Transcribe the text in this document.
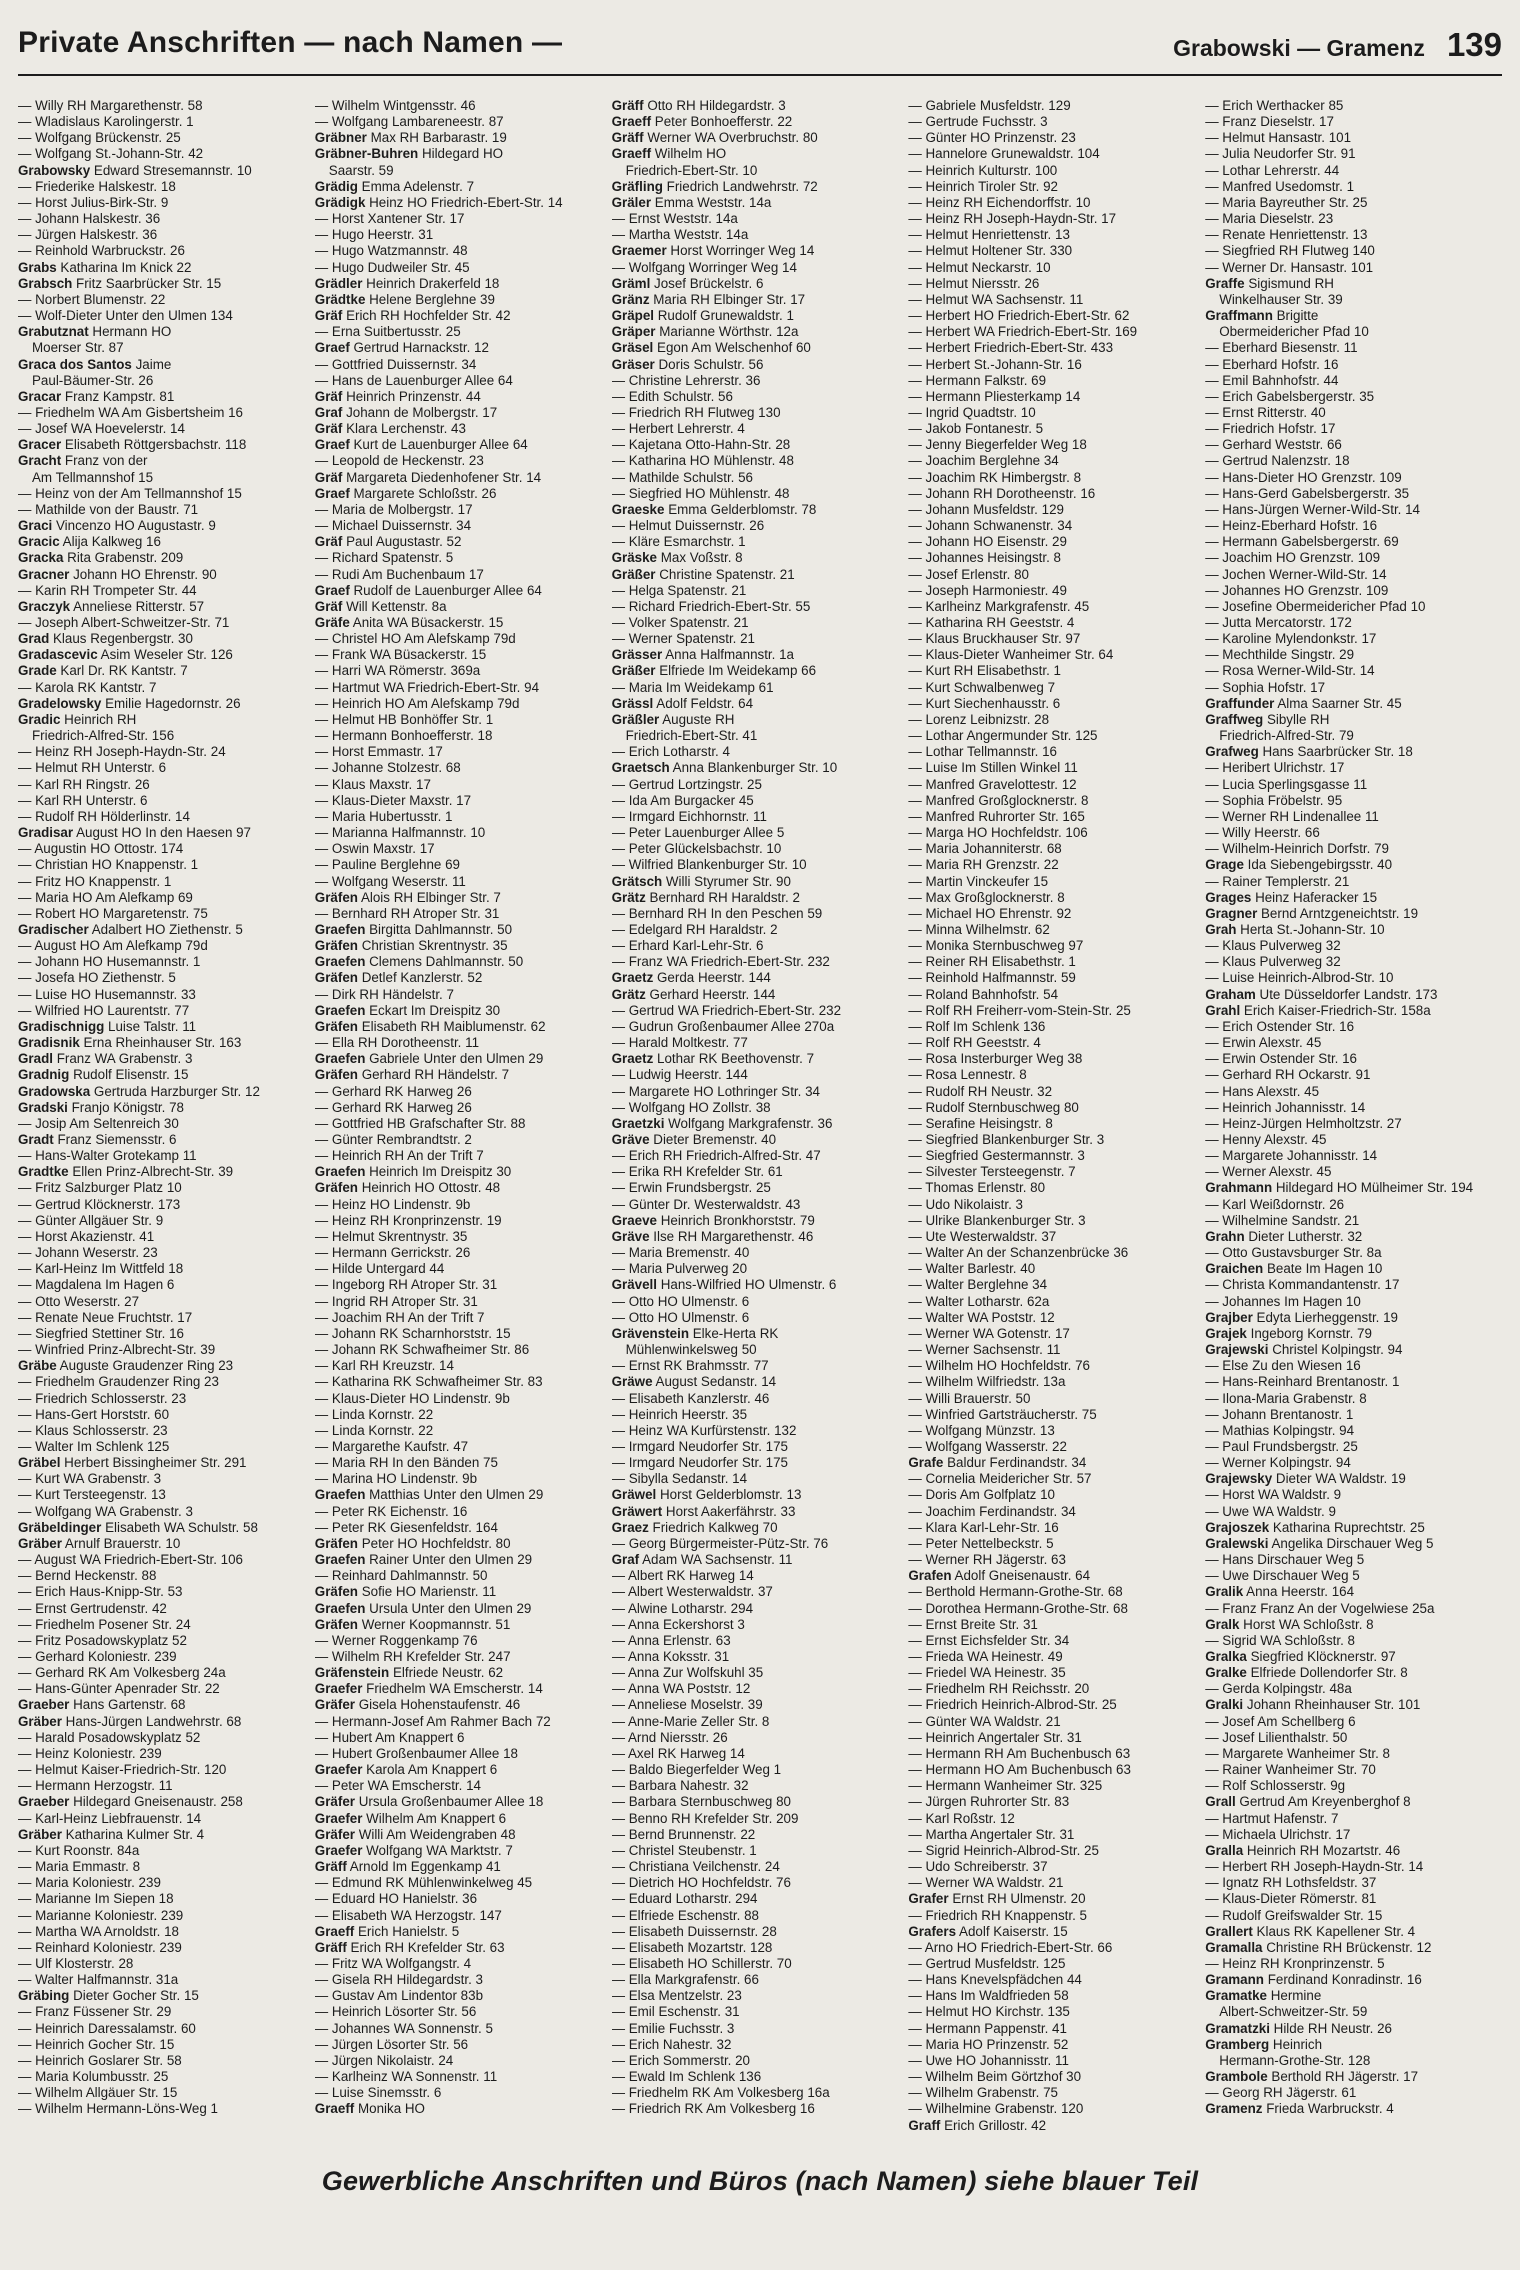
Private Anschriften — nach Namen —	Grabowski — Gramenz 139
— Willy RH Margarethenstr. 58
— Wladislaus Karolingerstr. 1
— Wolfgang Brückenstr. 25
— Wolfgang St.-Johann-Str. 42
Grabowsky Edward Stresemannstr. 10
— Friederike Halskestr. 18
— Horst Julius-Birk-Str. 9
— Johann Halskestr. 36
— Jürgen Halskestr. 36
— Reinhold Warbruckstr. 26
Grabs Katharina Im Knick 22
Grabsch Fritz Saarbrücker Str. 15
— Norbert Blumenstr. 22
— Wolf-Dieter Unter den Ulmen 134
Grabutznat Hermann HO
Moerser Str. 87
Graca dos Santos Jaime
Paul-Bäumer-Str. 26
Gracar Franz Kampstr. 81
— Friedhelm WA Am Gisbertsheim 16
— Josef WA Hoevelerstr. 14
Gracer Elisabeth Röttgersbachstr. 118
Gracht Franz von der
Am Tellmannshof 15
— Heinz von der Am Tellmannshof 15
— Mathilde von der Baustr. 71
Graci Vincenzo HO Augustastr. 9
Gracic Alija Kalkweg 16
Gracka Rita Grabenstr. 209
Gracner Johann HO Ehrenstr. 90
— Karin RH Trompeter Str. 44
Graczyk Anneliese Ritterstr. 57
— Joseph Albert-Schweitzer-Str. 71
Grad Klaus Regenbergstr. 30
Gradascevic Asim Weseler Str. 126
Grade Karl Dr. RK Kantstr. 7
— Karola RK Kantstr. 7
Gradelowsky Emilie Hagedornstr. 26
Gradic Heinrich RH
Friedrich-Alfred-Str. 156
— Heinz RH Joseph-Haydn-Str. 24
— Helmut RH Unterstr. 6
— Karl RH Ringstr. 26
— Karl RH Unterstr. 6
— Rudolf RH Hölderlinstr. 14
Gradisar August HO In den Haesen 97
— Augustin HO Ottostr. 174
— Christian HO Knappenstr. 1
— Fritz HO Knappenstr. 1
— Maria HO Am Alefkamp 69
— Robert HO Margaretenstr. 75
Gradischer Adalbert HO Ziethenstr. 5
— August HO Am Alefkamp 79d
— Johann HO Husemannstr. 1
— Josefa HO Ziethenstr. 5
— Luise HO Husemannstr. 33
— Wilfried HO Laurentstr. 77
Gradischnigg Luise Talstr. 11
Gradisnik Erna Rheinhauser Str. 163
Gradl Franz WA Grabenstr. 3
Gradnig Rudolf Elisenstr. 15
Gradowska Gertruda Harzburger Str. 12
Gradski Franjo Königstr. 78
— Josip Am Seltenreich 30
Gradt Franz Siemensstr. 6
— Hans-Walter Grotekamp 11
Gradtke Ellen Prinz-Albrecht-Str. 39
— Fritz Salzburger Platz 10
— Gertrud Klöcknerstr. 173
— Günter Allgäuer Str. 9
— Horst Akazienstr. 41
— Johann Weserstr. 23
— Karl-Heinz Im Wittfeld 18
— Magdalena Im Hagen 6
— Otto Weserstr. 27
— Renate Neue Fruchtstr. 17
— Siegfried Stettiner Str. 16
— Winfried Prinz-Albrecht-Str. 39
Gräbe Auguste Graudenzer Ring 23
— Friedhelm Graudenzer Ring 23
— Friedrich Schlosserstr. 23
— Hans-Gert Horststr. 60
— Klaus Schlosserstr. 23
— Walter Im Schlenk 125
Gräbel Herbert Bissingheimer Str. 291
— Kurt WA Grabenstr. 3
— Kurt Tersteegenstr. 13
— Wolfgang WA Grabenstr. 3
Gräbeldinger Elisabeth WA Schulstr. 58
Gräber Arnulf Brauerstr. 10
— August WA Friedrich-Ebert-Str. 106
— Bernd Heckenstr. 88
— Erich Haus-Knipp-Str. 53
— Ernst Gertrudenstr. 42
— Friedhelm Posener Str. 24
— Fritz Posadowskyplatz 52
— Gerhard Koloniestr. 239
— Gerhard RK Am Volkesberg 24a
— Hans-Günter Apenrader Str. 22
Graeber Hans Gartenstr. 68
Gräber Hans-Jürgen Landwehrstr. 68
— Harald Posadowskyplatz 52
— Heinz Koloniestr. 239
— Helmut Kaiser-Friedrich-Str. 120
— Hermann Herzogstr. 11
Graeber Hildegard Gneisenaustr. 258
— Karl-Heinz Liebfrauenstr. 14
Gräber Katharina Kulmer Str. 4
— Kurt Roonstr. 84a
— Maria Emmastr. 8
— Maria Koloniestr. 239
— Marianne Im Siepen 18
— Marianne Koloniestr. 239
— Martha WA Arnoldstr. 18
— Reinhard Koloniestr. 239
— Ulf Klosterstr. 28
— Walter Halfmannstr. 31a
Gräbing Dieter Gocher Str. 15
— Franz Füssener Str. 29
— Heinrich Daressalamstr. 60
— Heinrich Gocher Str. 15
— Heinrich Goslarer Str. 58
— Maria Kolumbusstr. 25
— Wilhelm Allgäuer Str. 15
— Wilhelm Hermann-Löns-Weg 1
— Wilhelm Wintgensstr. 46
— Wolfgang Lambareneestr. 87
Gräbner Max RH Barbarastr. 19
Gräbner-Buhren Hildegard HO
Saarstr. 59
Grädig Emma Adelenstr. 7
Grädigk Heinz HO Friedrich-Ebert-Str. 14
— Horst Xantener Str. 17
— Hugo Heerstr. 31
— Hugo Watzmannstr. 48
— Hugo Dudweiler Str. 45
Grädler Heinrich Drakerfeld 18
Grädtke Helene Berglehne 39
Gräf Erich RH Hochfelder Str. 42
— Erna Suitbertusstr. 25
Graef Gertrud Harnackstr. 12
— Gottfried Duissernstr. 34
— Hans de Lauenburger Allee 64
Gräf Heinrich Prinzenstr. 44
Graf Johann de Molbergstr. 17
Gräf Klara Lerchenstr. 43
Graef Kurt de Lauenburger Allee 64
— Leopold de Heckenstr. 23
Gräf Margareta Diedenhofener Str. 14
Graef Margarete Schloßstr. 26
— Maria de Molbergstr. 17
— Michael Duissernstr. 34
Gräf Paul Augustastr. 52
— Richard Spatenstr. 5
— Rudi Am Buchenbaum 17
Graef Rudolf de Lauenburger Allee 64
Gräf Will Kettenstr. 8a
Gräfe Anita WA Büsackerstr. 15
— Christel HO Am Alefskamp 79d
— Frank WA Büsackerstr. 15
— Harri WA Römerstr. 369a
— Hartmut WA Friedrich-Ebert-Str. 94
— Heinrich HO Am Alefskamp 79d
— Helmut HB Bonhöffer Str. 1
— Hermann Bonhoefferstr. 18
— Horst Emmastr. 17
— Johanne Stolzestr. 68
— Klaus Maxstr. 17
— Klaus-Dieter Maxstr. 17
— Maria Hubertusstr. 1
— Marianna Halfmannstr. 10
— Oswin Maxstr. 17
— Pauline Berglehne 69
— Wolfgang Weserstr. 11
Gräfen Alois RH Elbinger Str. 7
— Bernhard RH Atroper Str. 31
Graefen Birgitta Dahlmannstr. 50
Gräfen Christian Skrentnystr. 35
Graefen Clemens Dahlmannstr. 50
Gräfen Detlef Kanzlerstr. 52
— Dirk RH Händelstr. 7
Graefen Eckart Im Dreispitz 30
Gräfen Elisabeth RH Maiblumenstr. 62
— Ella RH Dorotheenstr. 11
Graefen Gabriele Unter den Ulmen 29
Gräfen Gerhard RH Händelstr. 7
— Gerhard RK Harweg 26
— Gerhard RK Harweg 26
— Gottfried HB Grafschafter Str. 88
— Günter Rembrandtstr. 2
— Heinrich RH An der Trift 7
Graefen Heinrich Im Dreispitz 30
Gräfen Heinrich HO Ottostr. 48
— Heinz HO Lindenstr. 9b
— Heinz RH Kronprinzenstr. 19
— Helmut Skrentnystr. 35
— Hermann Gerrickstr. 26
— Hilde Untergard 44
— Ingeborg RH Atroper Str. 31
— Ingrid RH Atroper Str. 31
— Joachim RH An der Trift 7
— Johann RK Scharnhorststr. 15
— Johann RK Schwafheimer Str. 86
— Karl RH Kreuzstr. 14
— Katharina RK Schwafheimer Str. 83
— Klaus-Dieter HO Lindenstr. 9b
— Linda Kornstr. 22
— Linda Kornstr. 22
— Margarethe Kaufstr. 47
— Maria RH In den Bänden 75
— Marina HO Lindenstr. 9b
Graefen Matthias Unter den Ulmen 29
— Peter RK Eichenstr. 16
— Peter RK Giesenfeldstr. 164
Gräfen Peter HO Hochfeldstr. 80
Graefen Rainer Unter den Ulmen 29
— Reinhard Dahlmannstr. 50
Gräfen Sofie HO Marienstr. 11
Graefen Ursula Unter den Ulmen 29
Gräfen Werner Koopmannstr. 51
— Werner Roggenkamp 76
— Wilhelm RH Krefelder Str. 247
Gräfenstein Elfriede Neustr. 62
Graefer Friedhelm WA Emscherstr. 14
Gräfer Gisela Hohenstaufenstr. 46
— Hermann-Josef Am Rahmer Bach 72
— Hubert Am Knappert 6
— Hubert Großenbaumer Allee 18
Graefer Karola Am Knappert 6
— Peter WA Emscherstr. 14
Gräfer Ursula Großenbaumer Allee 18
Graefer Wilhelm Am Knappert 6
Gräfer Willi Am Weidengraben 48
Graefer Wolfgang WA Marktstr. 7
Gräff Arnold Im Eggenkamp 41
— Edmund RK Mühlenwinkelweg 45
— Eduard HO Hanielstr. 36
— Elisabeth WA Herzogstr. 147
Graeff Erich Hanielstr. 5
Gräff Erich RH Krefelder Str. 63
— Fritz WA Wolfgangstr. 4
— Gisela RH Hildegardstr. 3
— Gustav Am Lindentor 83b
— Heinrich Lösorter Str. 56
— Johannes WA Sonnenstr. 5
— Jürgen Lösorter Str. 56
— Jürgen Nikolaistr. 24
— Karlheinz WA Sonnenstr. 11
— Luise Sinemsstr. 6
Graeff Monika HO
Gräff Otto RH Hildegardstr. 3
Graeff Peter Bonhoefferstr. 22
Gräff Werner WA Overbruchstr. 80
Graeff Wilhelm HO
Friedrich-Ebert-Str. 10
Gräfling Friedrich Landwehrstr. 72
Gräler Emma Weststr. 14a
— Ernst Weststr. 14a
— Martha Weststr. 14a
Graemer Horst Worringer Weg 14
— Wolfgang Worringer Weg 14
Gräml Josef Brückelstr. 6
Gränz Maria RH Elbinger Str. 17
Gräpel Rudolf Grunewaldstr. 1
Gräper Marianne Wörthstr. 12a
Gräsel Egon Am Welschenhof 60
Gräser Doris Schulstr. 56
— Christine Lehrerstr. 36
— Edith Schulstr. 56
— Friedrich RH Flutweg 130
— Herbert Lehrerstr. 4
— Kajetana Otto-Hahn-Str. 28
— Katharina HO Mühlenstr. 48
— Mathilde Schulstr. 56
— Siegfried HO Mühlenstr. 48
Graeske Emma Gelderblomstr. 78
— Helmut Duissernstr. 26
— Kläre Esmarchstr. 1
Gräske Max Voßstr. 8
Gräßer Christine Spatenstr. 21
— Helga Spatenstr. 21
— Richard Friedrich-Ebert-Str. 55
— Volker Spatenstr. 21
— Werner Spatenstr. 21
Grässer Anna Halfmannstr. 1a
Gräßer Elfriede Im Weidekamp 66
— Maria Im Weidekamp 61
Grässl Adolf Feldstr. 64
Gräßler Auguste RH
Friedrich-Ebert-Str. 41
— Erich Lotharstr. 4
Graetsch Anna Blankenburger Str. 10
— Gertrud Lortzingstr. 25
— Ida Am Burgacker 45
— Irmgard Eichhornstr. 11
— Peter Lauenburger Allee 5
— Peter Glückelsbachstr. 10
— Wilfried Blankenburger Str. 10
Grätsch Willi Styrumer Str. 90
Grätz Bernhard RH Haraldstr. 2
— Bernhard RH In den Peschen 59
— Edelgard RH Haraldstr. 2
— Erhard Karl-Lehr-Str. 6
— Franz WA Friedrich-Ebert-Str. 232
Graetz Gerda Heerstr. 144
Grätz Gerhard Heerstr. 144
— Gertrud WA Friedrich-Ebert-Str. 232
— Gudrun Großenbaumer Allee 270a
— Harald Moltkestr. 77
Graetz Lothar RK Beethovenstr. 7
— Ludwig Heerstr. 144
— Margarete HO Lothringer Str. 34
— Wolfgang HO Zollstr. 38
Graetzki Wolfgang Markgrafenstr. 36
Gräve Dieter Bremenstr. 40
— Erich RH Friedrich-Alfred-Str. 47
— Erika RH Krefelder Str. 61
— Erwin Frundsbergstr. 25
— Günter Dr. Westerwaldstr. 43
Graeve Heinrich Bronkhorststr. 79
Gräve Ilse RH Margarethenstr. 46
— Maria Bremenstr. 40
— Maria Pulverweg 20
Grävell Hans-Wilfried HO Ulmenstr. 6
— Otto HO Ulmenstr. 6
— Otto HO Ulmenstr. 6
Grävenstein Elke-Herta RK
Mühlenwinkelsweg 50
— Ernst RK Brahmsstr. 77
Gräwe August Sedanstr. 14
— Elisabeth Kanzlerstr. 46
— Heinrich Heerstr. 35
— Heinz WA Kurfürstenstr. 132
— Irmgard Neudorfer Str. 175
— Irmgard Neudorfer Str. 175
— Sibylla Sedanstr. 14
Gräwel Horst Gelderblomstr. 13
Gräwert Horst Aakerfährstr. 33
Graez Friedrich Kalkweg 70
— Georg Bürgermeister-Pütz-Str. 76
Graf Adam WA Sachsenstr. 11
— Albert RK Harweg 14
— Albert Westerwaldstr. 37
— Alwine Lotharstr. 294
— Anna Eckershorst 3
— Anna Erlenstr. 63
— Anna Koksstr. 31
— Anna Zur Wolfskuhl 35
— Anna WA Poststr. 12
— Anneliese Moselstr. 39
— Anne-Marie Zeller Str. 8
— Arnd Niersstr. 26
— Axel RK Harweg 14
— Baldo Biegerfelder Weg 1
— Barbara Nahestr. 32
— Barbara Sternbuschweg 80
— Benno RH Krefelder Str. 209
— Bernd Brunnenstr. 22
— Christel Steubenstr. 1
— Christiana Veilchenstr. 24
— Dietrich HO Hochfeldstr. 76
— Eduard Lotharstr. 294
— Elfriede Eschenstr. 88
— Elisabeth Duissernstr. 28
— Elisabeth Mozartstr. 128
— Elisabeth HO Schillerstr. 70
— Ella Markgrafenstr. 66
— Elsa Mentzelstr. 23
— Emil Eschenstr. 31
— Emilie Fuchsstr. 3
— Erich Nahestr. 32
— Erich Sommerstr. 20
— Ewald Im Schlenk 136
— Friedhelm RK Am Volkesberg 16a
— Friedrich RK Am Volkesberg 16
— Gabriele Musfeldstr. 129
— Gertrude Fuchsstr. 3
— Günter HO Prinzenstr. 23
— Hannelore Grunewaldstr. 104
— Heinrich Kulturstr. 100
— Heinrich Tiroler Str. 92
— Heinz RH Eichendorffstr. 10
— Heinz RH Joseph-Haydn-Str. 17
— Helmut Henriettenstr. 13
— Helmut Holtener Str. 330
— Helmut Neckarstr. 10
— Helmut Niersstr. 26
— Helmut WA Sachsenstr. 11
— Herbert HO Friedrich-Ebert-Str. 62
— Herbert WA Friedrich-Ebert-Str. 169
— Herbert Friedrich-Ebert-Str. 433
— Herbert St.-Johann-Str. 16
— Hermann Falkstr. 69
— Hermann Pliesterkamp 14
— Ingrid Quadtstr. 10
— Jakob Fontanestr. 5
— Jenny Biegerfelder Weg 18
— Joachim Berglehne 34
— Joachim RK Himbergstr. 8
— Johann RH Dorotheenstr. 16
— Johann Musfeldstr. 129
— Johann Schwanenstr. 34
— Johann HO Eisenstr. 29
— Johannes Heisingstr. 8
— Josef Erlenstr. 80
— Joseph Harmoniestr. 49
— Karlheinz Markgrafenstr. 45
— Katharina RH Geeststr. 4
— Klaus Bruckhauser Str. 97
— Klaus-Dieter Wanheimer Str. 64
— Kurt RH Elisabethstr. 1
— Kurt Schwalbenweg 7
— Kurt Siechenhausstr. 6
— Lorenz Leibnizstr. 28
— Lothar Angermunder Str. 125
— Lothar Tellmannstr. 16
— Luise Im Stillen Winkel 11
— Manfred Gravelottestr. 12
— Manfred Großglocknerstr. 8
— Manfred Ruhrorter Str. 165
— Marga HO Hochfeldstr. 106
— Maria Johanniterstr. 68
— Maria RH Grenzstr. 22
— Martin Vinckeufer 15
— Max Großglocknerstr. 8
— Michael HO Ehrenstr. 92
— Minna Wilhelmstr. 62
— Monika Sternbuschweg 97
— Reiner RH Elisabethstr. 1
— Reinhold Halfmannstr. 59
— Roland Bahnhofstr. 54
— Rolf RH Freiherr-vom-Stein-Str. 25
— Rolf Im Schlenk 136
— Rolf RH Geeststr. 4
— Rosa Insterburger Weg 38
— Rosa Lennestr. 8
— Rudolf RH Neustr. 32
— Rudolf Sternbuschweg 80
— Serafine Heisingstr. 8
— Siegfried Blankenburger Str. 3
— Siegfried Gestermannstr. 3
— Silvester Tersteegenstr. 7
— Thomas Erlenstr. 80
— Udo Nikolaistr. 3
— Ulrike Blankenburger Str. 3
— Ute Westerwaldstr. 37
— Walter An der Schanzenbrücke 36
— Walter Barlestr. 40
— Walter Berglehne 34
— Walter Lotharstr. 62a
— Walter WA Poststr. 12
— Werner WA Gotenstr. 17
— Werner Sachsenstr. 11
— Wilhelm HO Hochfeldstr. 76
— Wilhelm Wilfriedstr. 13a
— Willi Brauerstr. 50
— Winfried Gartsträucherstr. 75
— Wolfgang Münzstr. 13
— Wolfgang Wasserstr. 22
Grafe Baldur Ferdinandstr. 34
— Cornelia Meidericher Str. 57
— Doris Am Golfplatz 10
— Joachim Ferdinandstr. 34
— Klara Karl-Lehr-Str. 16
— Peter Nettelbeckstr. 5
— Werner RH Jägerstr. 63
Grafen Adolf Gneisenaustr. 64
— Berthold Hermann-Grothe-Str. 68
— Dorothea Hermann-Grothe-Str. 68
— Ernst Breite Str. 31
— Ernst Eichsfelder Str. 34
— Frieda WA Heinestr. 49
— Friedel WA Heinestr. 35
— Friedhelm RH Reichsstr. 20
— Friedrich Heinrich-Albrod-Str. 25
— Günter WA Waldstr. 21
— Heinrich Angertaler Str. 31
— Hermann RH Am Buchenbusch 63
— Hermann HO Am Buchenbusch 63
— Hermann Wanheimer Str. 325
— Jürgen Ruhrorter Str. 83
— Karl Roßstr. 12
— Martha Angertaler Str. 31
— Sigrid Heinrich-Albrod-Str. 25
— Udo Schreiberstr. 37
— Werner WA Waldstr. 21
Grafer Ernst RH Ulmenstr. 20
— Friedrich RH Knappenstr. 5
Grafers Adolf Kaiserstr. 15
— Arno HO Friedrich-Ebert-Str. 66
— Gertrud Musfeldstr. 125
— Hans Knevelspfädchen 44
— Hans Im Waldfrieden 58
— Helmut HO Kirchstr. 135
— Hermann Pappenstr. 41
— Maria HO Prinzenstr. 52
— Uwe HO Johannisstr. 11
— Wilhelm Beim Görtzhof 30
— Wilhelm Grabenstr. 75
— Wilhelmine Grabenstr. 120
Graff Erich Grillostr. 42
— Erich Werthacker 85
— Franz Dieselstr. 17
— Helmut Hansastr. 101
— Julia Neudorfer Str. 91
— Lothar Lehrerstr. 44
— Manfred Usedomstr. 1
— Maria Bayreuther Str. 25
— Maria Dieselstr. 23
— Renate Henriettenstr. 13
— Siegfried RH Flutweg 140
— Werner Dr. Hansastr. 101
Graffe Sigismund RH
Winkelhauser Str. 39
Graffmann Brigitte
Obermeidericher Pfad 10
— Eberhard Biesenstr. 11
— Eberhard Hofstr. 16
— Emil Bahnhofstr. 44
— Erich Gabelsbergerstr. 35
— Ernst Ritterstr. 40
— Friedrich Hofstr. 17
— Gerhard Weststr. 66
— Gertrud Nalenzstr. 18
— Hans-Dieter HO Grenzstr. 109
— Hans-Gerd Gabelsbergerstr. 35
— Hans-Jürgen Werner-Wild-Str. 14
— Heinz-Eberhard Hofstr. 16
— Hermann Gabelsbergerstr. 69
— Joachim HO Grenzstr. 109
— Jochen Werner-Wild-Str. 14
— Johannes HO Grenzstr. 109
— Josefine Obermeidericher Pfad 10
— Jutta Mercatorstr. 172
— Karoline Mylendonkstr. 17
— Mechthilde Singstr. 29
— Rosa Werner-Wild-Str. 14
— Sophia Hofstr. 17
Graffunder Alma Saarner Str. 45
Graffweg Sibylle RH
Friedrich-Alfred-Str. 79
Grafweg Hans Saarbrücker Str. 18
— Heribert Ulrichstr. 17
— Lucia Sperlingsgasse 11
— Sophia Fröbelstr. 95
— Werner RH Lindenallee 11
— Willy Heerstr. 66
— Wilhelm-Heinrich Dorfstr. 79
Grage Ida Siebengebirgsstr. 40
— Rainer Templerstr. 21
Grages Heinz Haferacker 15
Gragner Bernd Arntzgeneichtstr. 19
Grah Herta St.-Johann-Str. 10
— Klaus Pulverweg 32
— Klaus Pulverweg 32
— Luise Heinrich-Albrod-Str. 10
Graham Ute Düsseldorfer Landstr. 173
Grahl Erich Kaiser-Friedrich-Str. 158a
— Erich Ostender Str. 16
— Erwin Alexstr. 45
— Erwin Ostender Str. 16
— Gerhard RH Ockarstr. 91
— Hans Alexstr. 45
— Heinrich Johannisstr. 14
— Heinz-Jürgen Helmholtzstr. 27
— Henny Alexstr. 45
— Margarete Johannisstr. 14
— Werner Alexstr. 45
Grahmann Hildegard HO Mülheimer Str. 194
— Karl Weißdornstr. 26
— Wilhelmine Sandstr. 21
Grahn Dieter Lutherstr. 32
— Otto Gustavsburger Str. 8a
Graichen Beate Im Hagen 10
— Christa Kommandantenstr. 17
— Johannes Im Hagen 10
Grajber Edyta Lierheggenstr. 19
Grajek Ingeborg Kornstr. 79
Grajewski Christel Kolpingstr. 94
— Else Zu den Wiesen 16
— Hans-Reinhard Brentanostr. 1
— Ilona-Maria Grabenstr. 8
— Johann Brentanostr. 1
— Mathias Kolpingstr. 94
— Paul Frundsbergstr. 25
— Werner Kolpingstr. 94
Grajewsky Dieter WA Waldstr. 19
— Horst WA Waldstr. 9
— Uwe WA Waldstr. 9
Grajoszek Katharina Ruprechtstr. 25
Gralewski Angelika Dirschauer Weg 5
— Hans Dirschauer Weg 5
— Uwe Dirschauer Weg 5
Gralik Anna Heerstr. 164
— Franz Franz An der Vogelwiese 25a
Gralk Horst WA Schloßstr. 8
— Sigrid WA Schloßstr. 8
Gralka Siegfried Klöcknerstr. 97
Gralke Elfriede Dollendorfer Str. 8
— Gerda Kolpingstr. 48a
Gralki Johann Rheinhauser Str. 101
— Josef Am Schellberg 6
— Josef Lilienthalstr. 50
— Margarete Wanheimer Str. 8
— Rainer Wanheimer Str. 70
— Rolf Schlosserstr. 9g
Grall Gertrud Am Kreyenberghof 8
— Hartmut Hafenstr. 7
— Michaela Ulrichstr. 17
Gralla Heinrich RH Mozartstr. 46
— Herbert RH Joseph-Haydn-Str. 14
— Ignatz RH Lothsfeldstr. 37
— Klaus-Dieter Römerstr. 81
— Rudolf Greifswalder Str. 15
Grallert Klaus RK Kapellener Str. 4
Gramalla Christine RH Brückenstr. 12
— Heinz RH Kronprinzenstr. 5
Gramann Ferdinand Konradinstr. 16
Gramatke Hermine
Albert-Schweitzer-Str. 59
Gramatzki Hilde RH Neustr. 26
Gramberg Heinrich
Hermann-Grothe-Str. 128
Grambole Berthold RH Jägerstr. 17
— Georg RH Jägerstr. 61
Gramenz Frieda Warbruckstr. 4
Gewerbliche Anschriften und Büros (nach Namen) siehe blauer Teil
